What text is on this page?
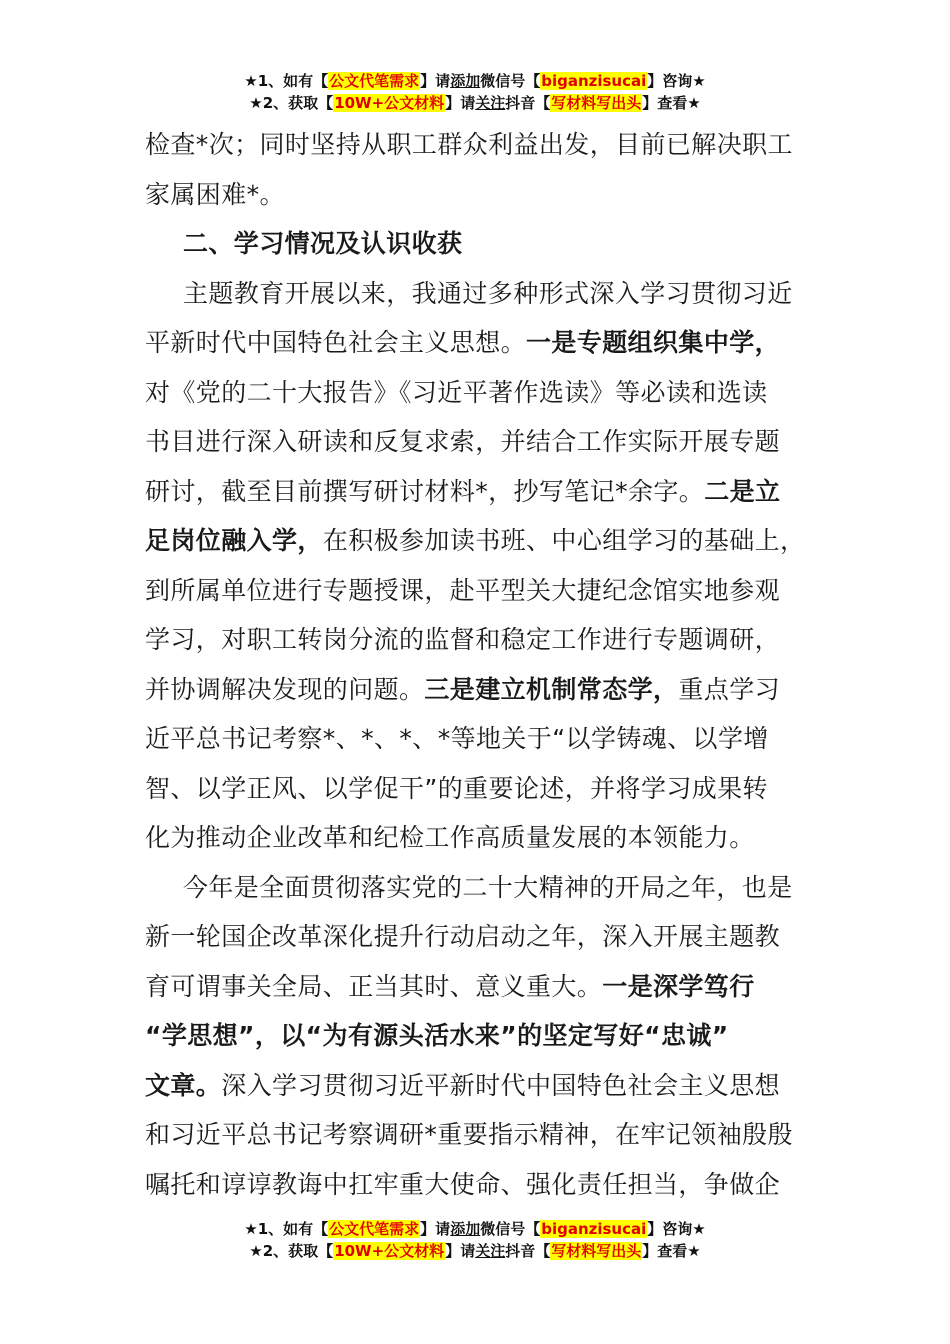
★1、如有【公文代笔需求】请添加微信号【biganzisucai】咨询★
★2、获取【10W+公文材料】请关注抖音【写材料写出头】查看★
检查*次；同时坚持从职工群众利益出发，目前已解决职工
家属困难*。
二、学习情况及认识收获
主题教育开展以来，我通过多种形式深入学习贯彻习近
平新时代中国特色社会主义思想。一是专题组织集中学，
对《党的二十大报告》《习近平著作选读》等必读和选读
书目进行深入研读和反复求索，并结合工作实际开展专题
研讨，截至目前撰写研讨材料*，抄写笔记*余字。二是立
足岗位融入学，在积极参加读书班、中心组学习的基础上，
到所属单位进行专题授课，赴平型关大捷纪念馆实地参观
学习，对职工转岗分流的监督和稳定工作进行专题调研，
并协调解决发现的问题。三是建立机制常态学，重点学习
近平总书记考察*、*、*、*等地关于“以学铸魂、以学增
智、以学正风、以学促干”的重要论述，并将学习成果转
化为推动企业改革和纪检工作高质量发展的本领能力。
今年是全面贯彻落实党的二十大精神的开局之年，也是
新一轮国企改革深化提升行动启动之年，深入开展主题教
育可谓事关全局、正当其时、意义重大。一是深学笃行
“学思想”，以“为有源头活水来”的坚定写好“忠诚”
文章。深入学习贯彻习近平新时代中国特色社会主义思想
和习近平总书记考察调研*重要指示精神，在牢记领袖殷殷
嘱托和谆谆教诲中扛牢重大使命、强化责任担当，争做企
★1、如有【公文代笔需求】请添加微信号【biganzisucai】咨询★
★2、获取【10W+公文材料】请关注抖音【写材料写出头】查看★
